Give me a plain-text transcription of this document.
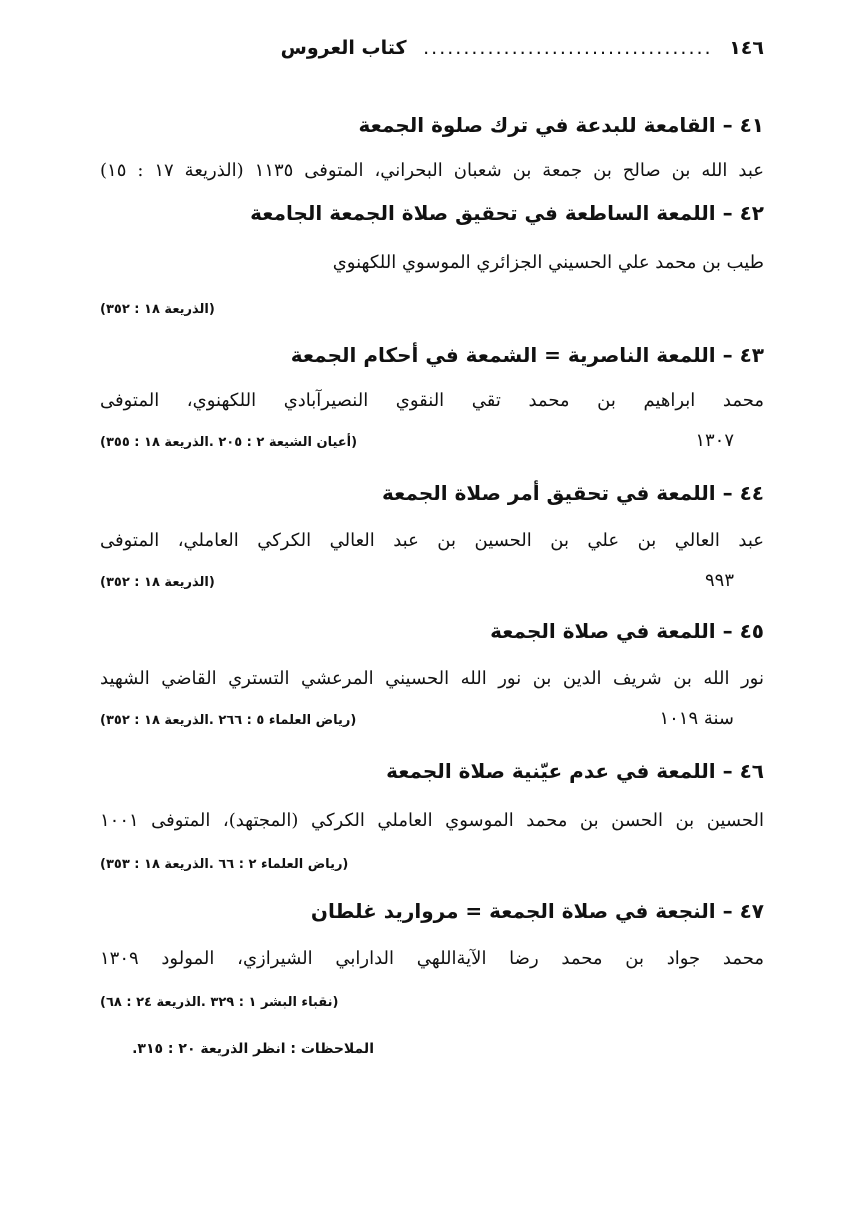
١٤٦ .................................... كتاب العروس
٤١ – القامعة للبدعة في ترك صلوة الجمعة
عبد الله بن صالح بن جمعة بن شعبان البحراني، المتوفى ١١٣٥ (الذريعة ١٧ : ١٥)
٤٢ – اللمعة الساطعة في تحقيق صلاة الجمعة الجامعة
طيب بن محمد علي الحسيني الجزائري الموسوي اللكهنوي
(الذريعة ١٨ : ٣٥٢)
٤٣ – اللمعة الناصرية = الشمعة في أحكام الجمعة
محمد ابراهيم بن محمد تقي النقوي النصيرآبادي اللكهنوي، المتوفى
١٣٠٧
(أعيان الشيعة ٢ : ٢٠٥ .الذريعة ١٨ : ٣٥٥)
٤٤ – اللمعة في تحقيق أمر صلاة الجمعة
عبد العالي بن علي بن الحسين بن عبد العالي الكركي العاملي، المتوفى
٩٩٣
(الذريعة ١٨ : ٣٥٢)
٤٥ – اللمعة في صلاة الجمعة
نور الله بن شريف الدين بن نور الله الحسيني المرعشي التستري القاضي الشهيد
سنة ١٠١٩
(رياض العلماء ٥ : ٢٦٦ .الذريعة ١٨ : ٣٥٢)
٤٦ – اللمعة في عدم عيّنية صلاة الجمعة
الحسين بن الحسن بن محمد الموسوي العاملي الكركي (المجتهد)، المتوفى ١٠٠١
(رياض العلماء ٢ : ٦٦ .الذريعة ١٨ : ٣٥٣)
٤٧ – النجعة في صلاة الجمعة = مرواريد غلطان
محمد جواد بن محمد رضا الآيةاللهي الدارابي الشيرازي، المولود ١٣٠٩
(نقباء البشر ١ : ٣٢٩ .الذريعة ٢٤ : ٦٨)
الملاحظات : انظر الذريعة ٢٠ : ٣١٥.
